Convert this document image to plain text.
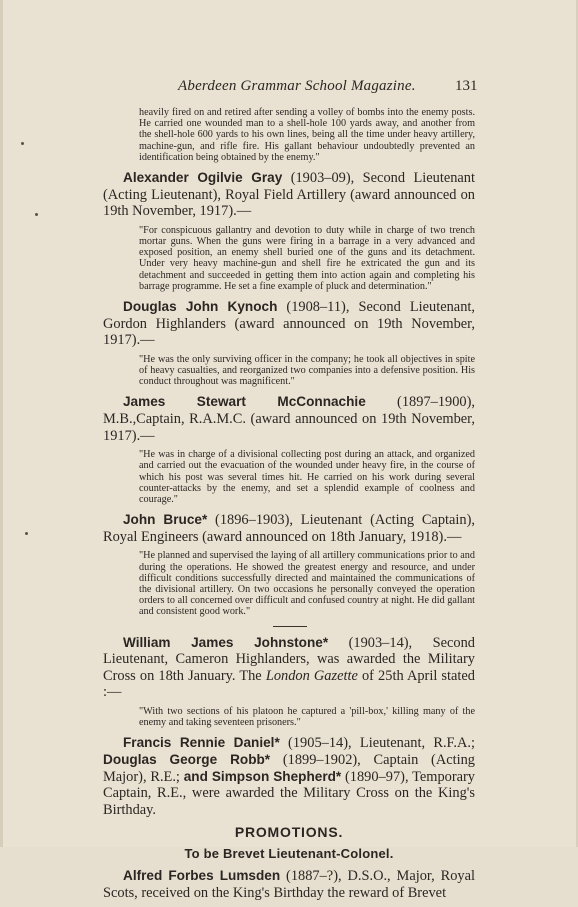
Aberdeen Grammar School Magazine.	131

heavily fired on and retired after sending a volley of bombs into the enemy posts. He carried one wounded man to a shell-hole 100 yards away, and another from the shell-hole 600 yards to his own lines, being all the time under heavy artillery, machine-gun, and rifle fire. His gallant behaviour undoubtedly prevented an identification being obtained by the enemy."

Alexander Ogilvie Gray (1903–09), Second Lieutenant (Acting Lieutenant), Royal Field Artillery (award announced on 19th November, 1917).—

"For conspicuous gallantry and devotion to duty while in charge of two trench mortar guns. When the guns were firing in a barrage in a very advanced and exposed position, an enemy shell buried one of the guns and its detachment. Under very heavy machine-gun and shell fire he extricated the gun and its detachment and succeeded in getting them into action again and completing his barrage programme. He set a fine example of pluck and determination."

Douglas John Kynoch (1908–11), Second Lieutenant, Gordon Highlanders (award announced on 19th November, 1917).—

"He was the only surviving officer in the company; he took all objectives in spite of heavy casualties, and reorganized two companies into a defensive position. His conduct throughout was magnificent."

James Stewart McConnachie (1897–1900), M.B.,Captain, R.A.M.C. (award announced on 19th November, 1917).—

"He was in charge of a divisional collecting post during an attack, and organized and carried out the evacuation of the wounded under heavy fire, in the course of which his post was several times hit. He carried on his work during several counter-attacks by the enemy, and set a splendid example of coolness and courage."

John Bruce* (1896–1903), Lieutenant (Acting Captain), Royal Engineers (award announced on 18th January, 1918).—

"He planned and supervised the laying of all artillery communications prior to and during the operations. He showed the greatest energy and resource, and under difficult conditions successfully directed and maintained the communications of the divisional artillery. On two occasions he personally conveyed the operation orders to all concerned over difficult and confused country at night. He did gallant and consistent good work."

William James Johnstone* (1903–14), Second Lieutenant, Cameron Highlanders, was awarded the Military Cross on 18th January. The London Gazette of 25th April stated :—

"With two sections of his platoon he captured a 'pill-box,' killing many of the enemy and taking seventeen prisoners."

Francis Rennie Daniel* (1905–14), Lieutenant, R.F.A.; Douglas George Robb* (1899–1902), Captain (Acting Major), R.E.; and Simpson Shepherd* (1890–97), Temporary Captain, R.E., were awarded the Military Cross on the King's Birthday.

PROMOTIONS.
To be Brevet Lieutenant-Colonel.

Alfred Forbes Lumsden (1887–?), D.S.O., Major, Royal Scots, received on the King's Birthday the reward of Brevet
